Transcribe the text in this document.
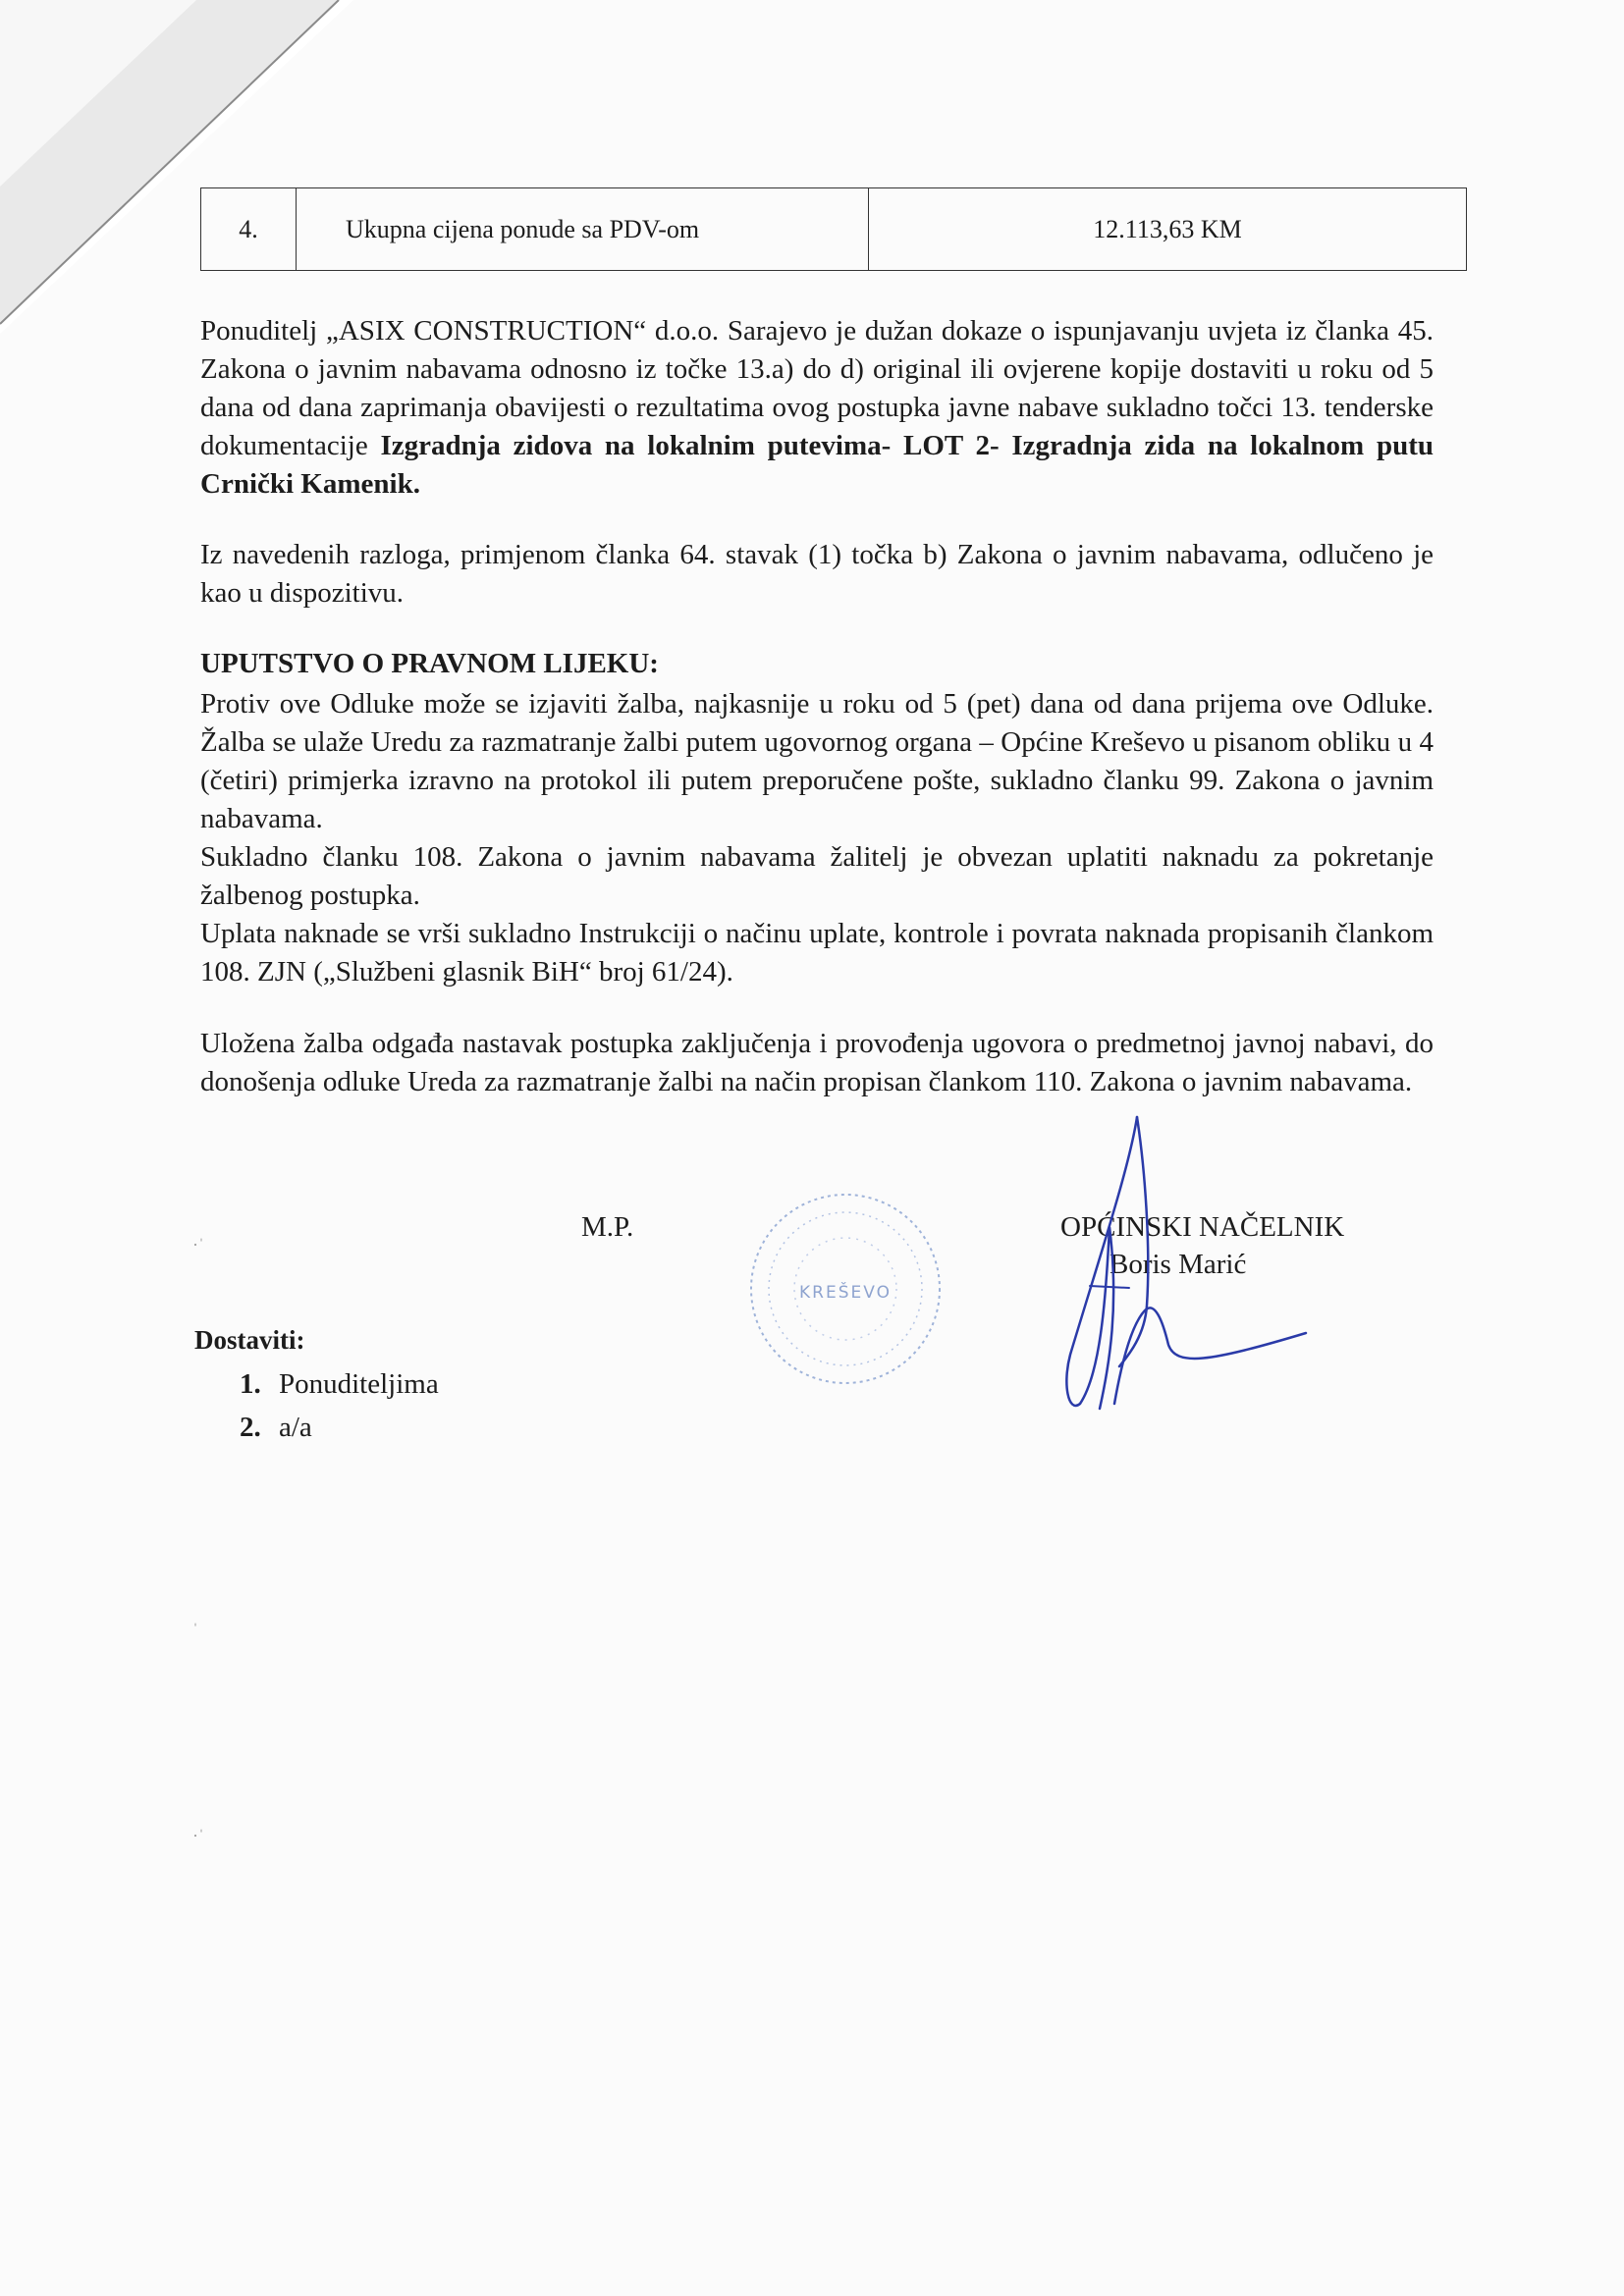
·ˈ
ˈ
·ˈ
4.	Ukupna cijena ponude sa PDV-om	12.113,63 KM

Ponuditelj „ASIX CONSTRUCTION“ d.o.o. Sarajevo je dužan dokaze o ispunjavanju uvjeta iz članka 45. Zakona o javnim nabavama odnosno iz točke 13.a) do d) original ili ovjerene kopije dostaviti u roku od 5 dana od dana zaprimanja obavijesti o rezultatima ovog postupka javne nabave sukladno točci 13. tenderske dokumentacije Izgradnja zidova na lokalnim putevima- LOT 2- Izgradnja zida na lokalnom putu Crnički Kamenik.

Iz navedenih razloga, primjenom članka 64. stavak (1) točka b) Zakona o javnim nabavama, odlučeno je kao u dispozitivu.

UPUTSTVO O PRAVNOM LIJEKU:

Protiv ove Odluke može se izjaviti žalba, najkasnije u roku od 5 (pet) dana od dana prijema ove Odluke. Žalba se ulaže Uredu za razmatranje žalbi putem ugovornog organa – Općine Kreševo u pisanom obliku u 4 (četiri) primjerka izravno na protokol ili putem preporučene pošte, sukladno članku 99. Zakona o javnim nabavama.

Sukladno članku 108. Zakona o javnim nabavama žalitelj je obvezan uplatiti naknadu za pokretanje žalbenog postupka.

Uplata naknade se vrši sukladno Instrukciji o načinu uplate, kontrole i povrata naknada propisanih člankom 108. ZJN („Službeni glasnik BiH“ broj 61/24).

Uložena žalba odgađa nastavak postupka zaključenja i provođenja ugovora o predmetnoj javnoj nabavi, do donošenja odluke Ureda za razmatranje žalbi na način propisan člankom 110. Zakona o javnim nabavama.

M.P.
KREŠEVO
OPĆINSKI NAČELNIK
Boris Marić
Dostaviti:
1. Ponuditeljima
2. a/a
